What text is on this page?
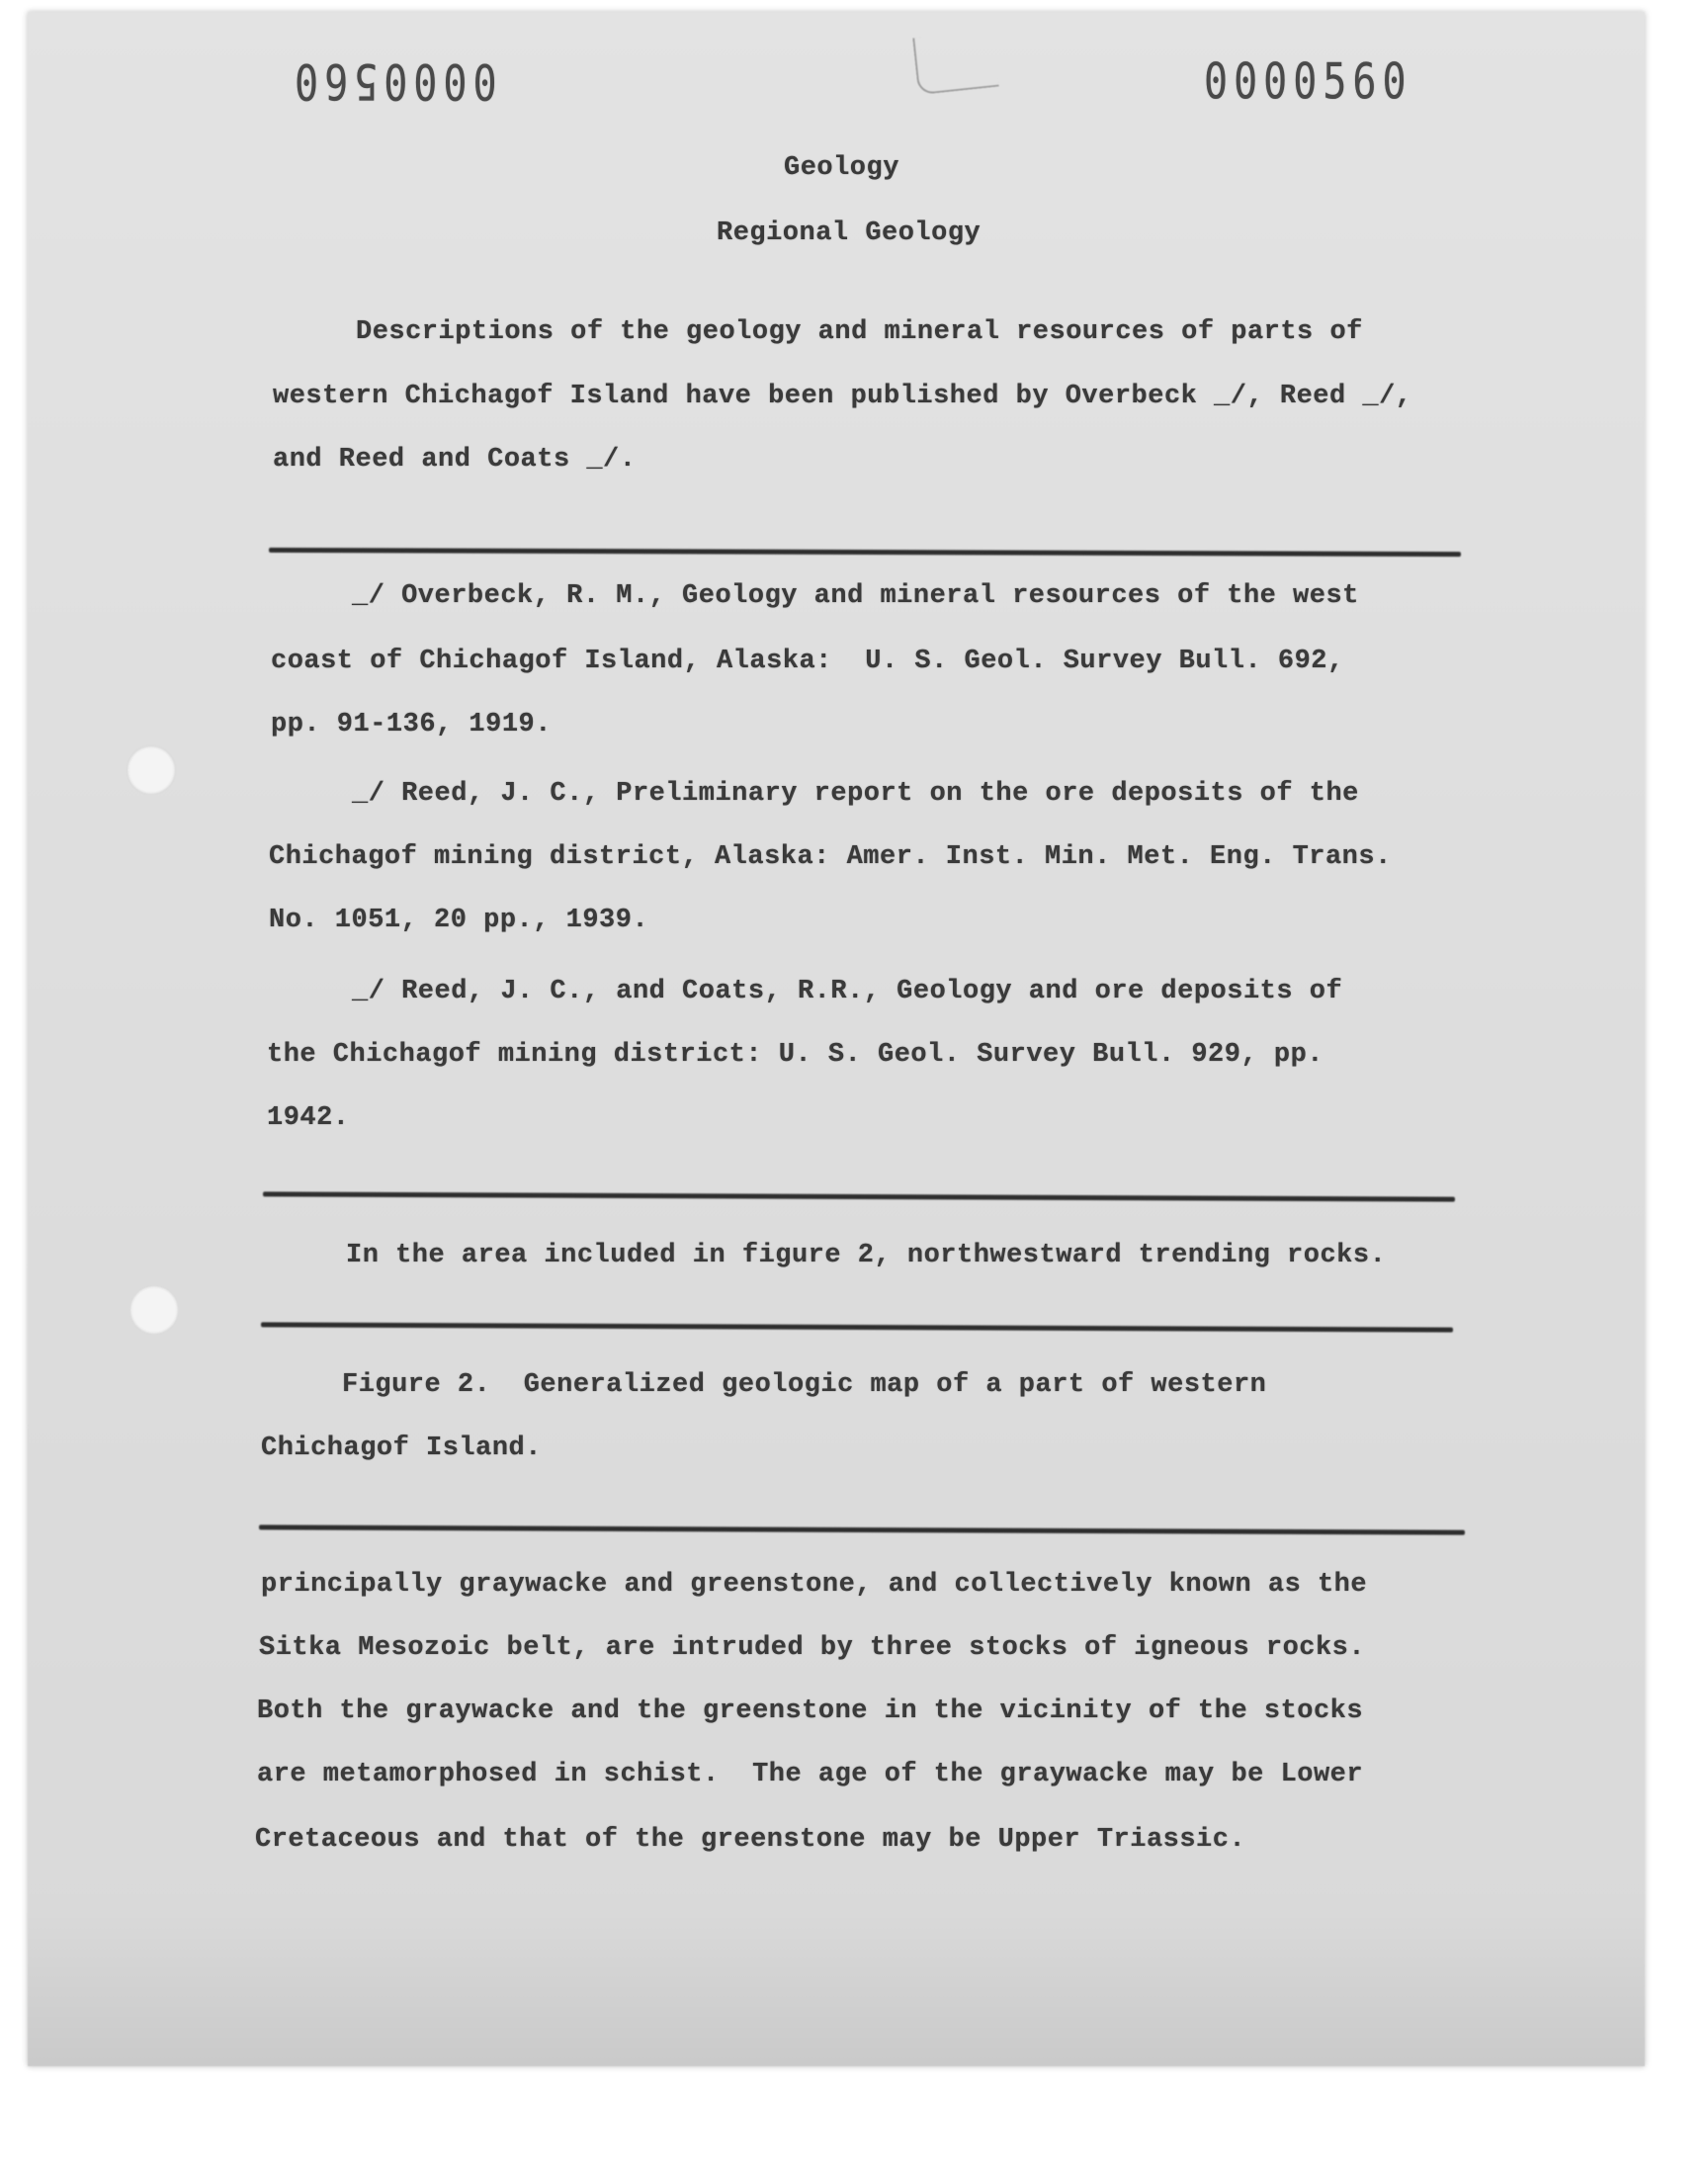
0000560	0000560
Geology
Regional Geology
Descriptions of the geology and mineral resources of parts of
western Chichagof Island have been published by Overbeck _/, Reed _/,
and Reed and Coats _/.
_/ Overbeck, R. M., Geology and mineral resources of the west
coast of Chichagof Island, Alaska:  U. S. Geol. Survey Bull. 692,
pp. 91-136, 1919.
_/ Reed, J. C., Preliminary report on the ore deposits of the
Chichagof mining district, Alaska: Amer. Inst. Min. Met. Eng. Trans.
No. 1051, 20 pp., 1939.
_/ Reed, J. C., and Coats, R.R., Geology and ore deposits of
the Chichagof mining district: U. S. Geol. Survey Bull. 929, pp.
1942.
In the area included in figure 2, northwestward trending rocks.
Figure 2.  Generalized geologic map of a part of western
Chichagof Island.
principally graywacke and greenstone, and collectively known as the
Sitka Mesozoic belt, are intruded by three stocks of igneous rocks.
Both the graywacke and the greenstone in the vicinity of the stocks
are metamorphosed in schist.  The age of the graywacke may be Lower
Cretaceous and that of the greenstone may be Upper Triassic.
